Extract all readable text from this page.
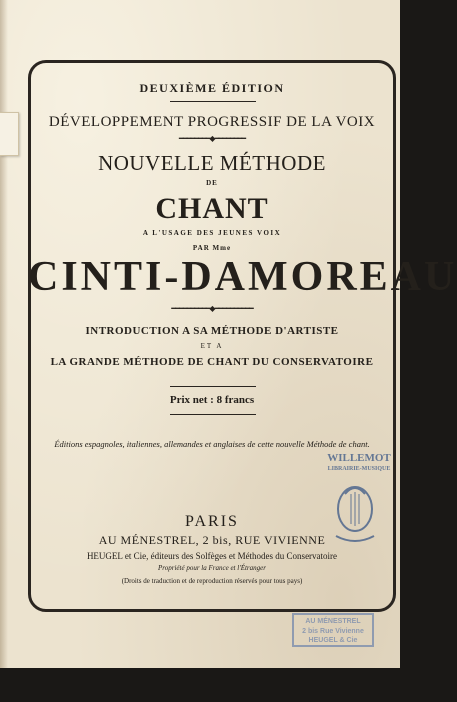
DEUXIÈME ÉDITION
DÉVELOPPEMENT PROGRESSIF DE LA VOIX
━━━━━━━━◆━━━━━━━━
NOUVELLE MÉTHODE
DE
CHANT
A L'USAGE DES JEUNES VOIX
PAR Mme
CINTI-DAMOREAU
━━━━━━━━━━◆━━━━━━━━━━
INTRODUCTION A SA MÉTHODE D'ARTISTE
ET A
LA GRANDE MÉTHODE DE CHANT DU CONSERVATOIRE
Prix net : 8 francs
Éditions espagnoles, italiennes, allemandes et anglaises de cette nouvelle Méthode de chant.
PARIS
AU MÉNESTREL, 2 bis, RUE VIVIENNE
HEUGEL et Cie, éditeurs des Solfèges et Méthodes du Conservatoire
Propriété pour la France et l'Étranger
(Droits de traduction et de reproduction réservés pour tous pays)
WILLEMOT
LIBRAIRIE-MUSIQUE
AU MÉNESTREL
2 bis Rue Vivienne
HEUGEL & Cie
